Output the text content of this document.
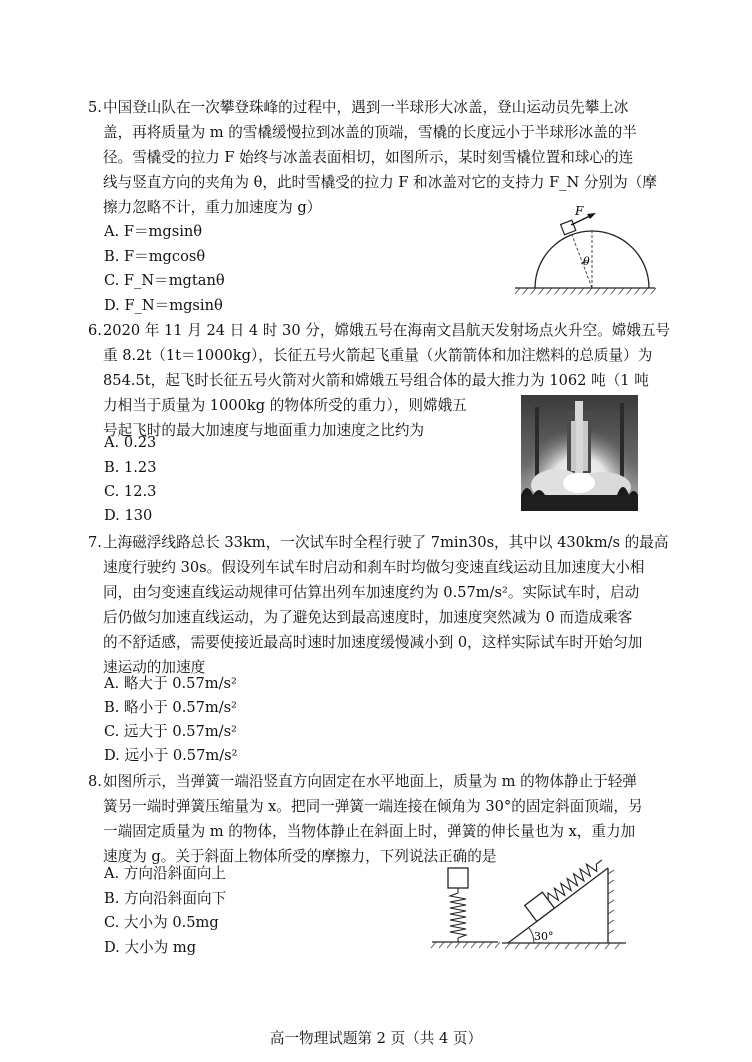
5. 中国登山队在一次攀登珠峰的过程中，遇到一半球形大冰盖，登山运动员先攀上冰
盖，再将质量为 m 的雪橇缓慢拉到冰盖的顶端，雪橇的长度远小于半球形冰盖的半
径。雪橇受的拉力 F 始终与冰盖表面相切，如图所示，某时刻雪橇位置和球心的连
线与竖直方向的夹角为 θ，此时雪橇受的拉力 F 和冰盖对它的支持力 F_N 分别为（摩
擦力忽略不计，重力加速度为 g）
A. F＝mgsinθ
B. F＝mgcosθ
C. F_N＝mgtanθ
D. F_N＝mgsinθ
F
θ
6. 2020 年 11 月 24 日 4 时 30 分，嫦娥五号在海南文昌航天发射场点火升空。嫦娥五号
重 8.2t（1t＝1000kg），长征五号火箭起飞重量（火箭箭体和加注燃料的总质量）为
854.5t，起飞时长征五号火箭对火箭和嫦娥五号组合体的最大推力为 1062 吨（1 吨
力相当于质量为 1000kg 的物体所受的重力），则嫦娥五
号起飞时的最大加速度与地面重力加速度之比约为
A. 0.23
B. 1.23
C. 12.3
D. 130
7. 上海磁浮线路总长 33km，一次试车时全程行驶了 7min30s，其中以 430km/s 的最高
速度行驶约 30s。假设列车试车时启动和刹车时均做匀变速直线运动且加速度大小相
同，由匀变速直线运动规律可估算出列车加速度约为 0.57m/s²。实际试车时，启动
后仍做匀加速直线运动，为了避免达到最高速度时，加速度突然减为 0 而造成乘客
的不舒适感，需要使接近最高时速时加速度缓慢减小到 0，这样实际试车时开始匀加
速运动的加速度
A. 略大于 0.57m/s²
B. 略小于 0.57m/s²
C. 远大于 0.57m/s²
D. 远小于 0.57m/s²
8. 如图所示，当弹簧一端沿竖直方向固定在水平地面上，质量为 m 的物体静止于轻弹
簧另一端时弹簧压缩量为 x。把同一弹簧一端连接在倾角为 30°的固定斜面顶端，另
一端固定质量为 m 的物体，当物体静止在斜面上时，弹簧的伸长量也为 x，重力加
速度为 g。关于斜面上物体所受的摩擦力，下列说法正确的是
A. 方向沿斜面向上
B. 方向沿斜面向下
C. 大小为 0.5mg
D. 大小为 mg
30°
高一物理试题第 2 页（共 4 页）
